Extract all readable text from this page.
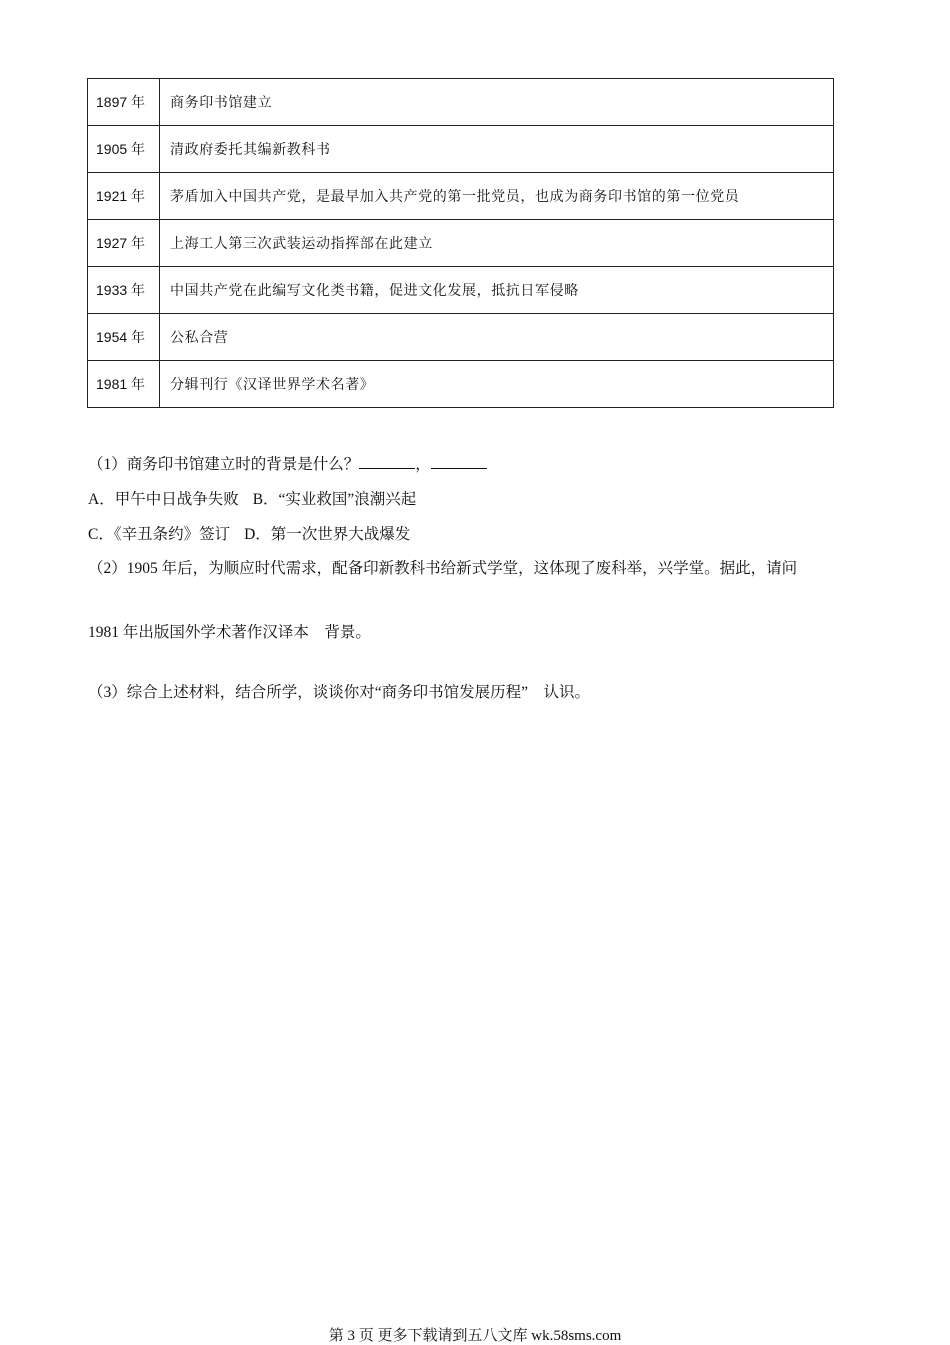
1897 年	商务印书馆建立
1905 年	清政府委托其编新教科书
1921 年	茅盾加入中国共产党，是最早加入共产党的第一批党员，也成为商务印书馆的第一位党员
1927 年	上海工人第三次武装运动指挥部在此建立
1933 年	中国共产党在此编写文化类书籍，促进文化发展，抵抗日军侵略
1954 年	公私合营
1981 年	分辑刊行《汉译世界学术名著》
（1）商务印书馆建立时的背景是什么？	，
A．甲午中日战争失败 B．“实业救国”浪潮兴起
C．《辛丑条约》签订 D．第一次世界大战爆发
（2）1905 年后，为顺应时代需求，配备印新教科书给新式学堂，这体现了废科举，兴学堂。据此，请问
1981 年出版国外学术著作汉译本　背景。
（3）综合上述材料，结合所学，谈谈你对“商务印书馆发展历程”　认识。
第 3 页 更多下载请到五八文库 wk.58sms.com
